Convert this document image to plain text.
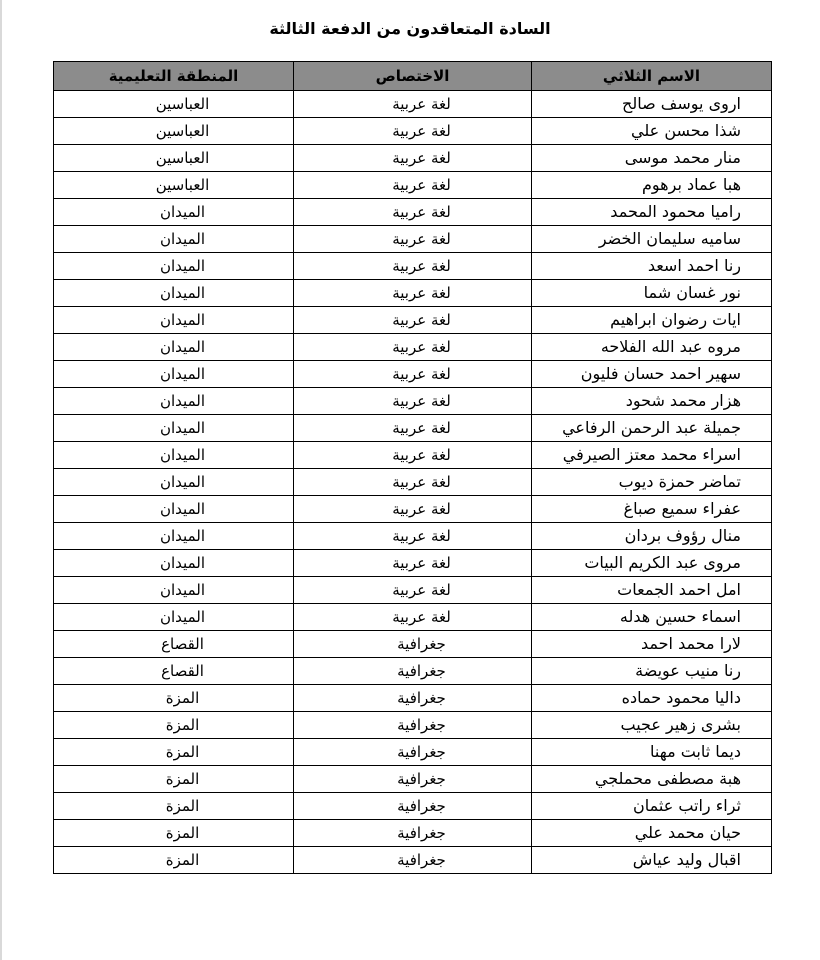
السادة المتعاقدون من الدفعة الثالثة
الاسم الثلاثي	الاختصاص	المنطقة التعليمية
اروى يوسف صالح	لغة عربية	العباسين
شذا محسن علي	لغة عربية	العباسين
منار محمد موسى	لغة عربية	العباسين
هبا عماد برهوم	لغة عربية	العباسين
راميا محمود المحمد	لغة عربية	الميدان
ساميه سليمان الخضر	لغة عربية	الميدان
رنا احمد اسعد	لغة عربية	الميدان
نور غسان شما	لغة عربية	الميدان
ايات رضوان ابراهيم	لغة عربية	الميدان
مروه عبد الله الفلاحه	لغة عربية	الميدان
سهير احمد حسان فليون	لغة عربية	الميدان
هزار محمد شحود	لغة عربية	الميدان
جميلة عبد الرحمن الرفاعي	لغة عربية	الميدان
اسراء محمد معتز الصيرفي	لغة عربية	الميدان
تماضر حمزة ديوب	لغة عربية	الميدان
عفراء سميع صباغ	لغة عربية	الميدان
منال رؤوف بردان	لغة عربية	الميدان
مروى عبد الكريم البيات	لغة عربية	الميدان
امل احمد الجمعات	لغة عربية	الميدان
اسماء حسين هدله	لغة عربية	الميدان
لارا محمد احمد	جغرافية	القصاع
رنا منيب عويضة	جغرافية	القصاع
داليا محمود حماده	جغرافية	المزة
بشرى زهير عجيب	جغرافية	المزة
ديما ثابت مهنا	جغرافية	المزة
هبة مصطفى محملجي	جغرافية	المزة
ثراء راتب عثمان	جغرافية	المزة
حيان محمد علي	جغرافية	المزة
اقبال وليد عياش	جغرافية	المزة
